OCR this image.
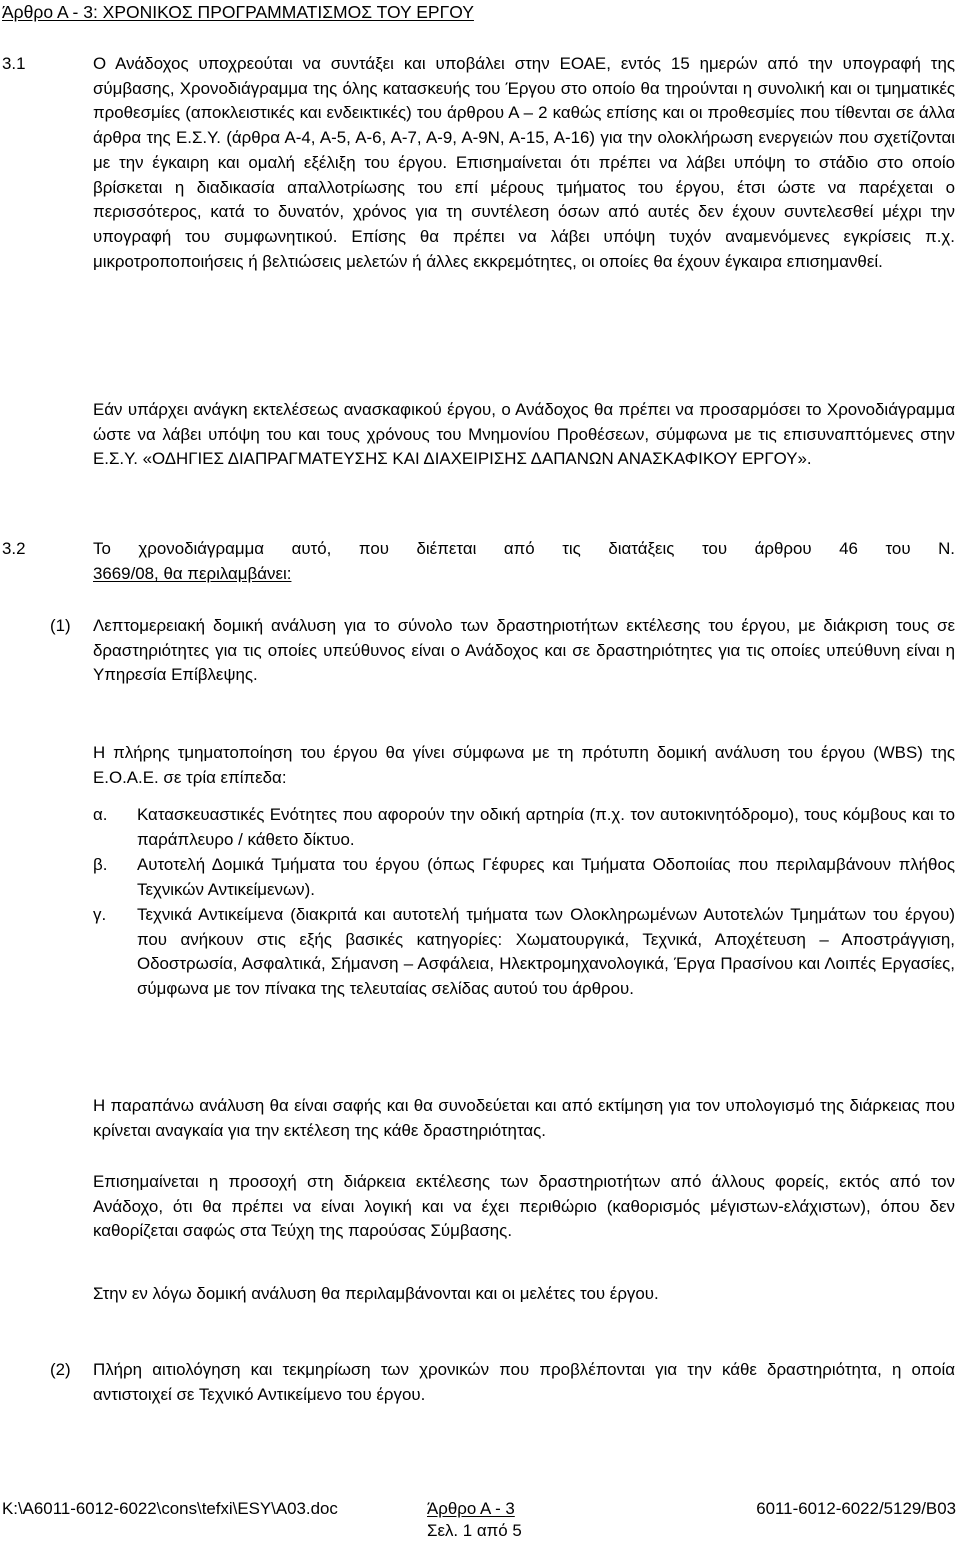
Άρθρο Α - 3: ΧΡΟΝΙΚΟΣ ΠΡΟΓΡΑΜΜΑΤΙΣΜΟΣ ΤΟΥ ΕΡΓΟΥ
3.1	Ο Ανάδοχος υποχρεούται να συντάξει και υποβάλει στην ΕΟΑΕ, εντός 15 ημερών από την υπογραφή της σύμβασης, Χρονοδιάγραμμα της όλης κατασκευής του Έργου στο οποίο θα τηρούνται η συνολική και οι τμηματικές προθεσμίες (αποκλειστικές και ενδεικτικές) του άρθρου Α – 2 καθώς επίσης και οι προθεσμίες που τίθενται σε άλλα άρθρα της Ε.Σ.Υ. (άρθρα Α-4, Α-5, Α-6, Α-7, Α-9, Α-9Ν, Α-15, Α-16) για την ολοκλήρωση ενεργειών που σχετίζονται με την έγκαιρη και ομαλή εξέλιξη του έργου. Επισημαίνεται ότι πρέπει να λάβει υπόψη το στάδιο στο οποίο βρίσκεται η διαδικασία απαλλοτρίωσης του επί μέρους τμήματος του έργου, έτσι ώστε να παρέχεται ο περισσότερος, κατά το δυνατόν, χρόνος για τη συντέλεση όσων από αυτές δεν έχουν συντελεσθεί μέχρι την υπογραφή του συμφωνητικού. Επίσης θα πρέπει να λάβει υπόψη τυχόν αναμενόμενες εγκρίσεις π.χ. μικροτροποποιήσεις ή βελτιώσεις μελετών ή άλλες εκκρεμότητες, οι οποίες θα έχουν έγκαιρα επισημανθεί.

Εάν υπάρχει ανάγκη εκτελέσεως ανασκαφικού έργου, ο Ανάδοχος θα πρέπει να προσαρμόσει το Χρονοδιάγραμμα ώστε να λάβει υπόψη του και τους χρόνους του Μνημονίου Προθέσεων, σύμφωνα με τις επισυναπτόμενες στην Ε.Σ.Υ. «ΟΔΗΓΙΕΣ ΔΙΑΠΡΑΓΜΑΤΕΥΣΗΣ ΚΑΙ ΔΙΑΧΕΙΡΙΣΗΣ ΔΑΠΑΝΩΝ ΑΝΑΣΚΑΦΙΚΟΥ ΕΡΓΟΥ».

3.2	Το χρονοδιάγραμμα αυτό, που διέπεται από τις διατάξεις του άρθρου 46 του Ν.

3669/08, θα περιλαμβάνει:

(1) Λεπτομερειακή δομική ανάλυση για το σύνολο των δραστηριοτήτων εκτέλεσης του έργου, με διάκριση τους σε δραστηριότητες για τις οποίες υπεύθυνος είναι ο Ανάδοχος και σε δραστηριότητες για τις οποίες υπεύθυνη είναι η Υπηρεσία Επίβλεψης.

Η πλήρης τμηματοποίηση του έργου θα γίνει σύμφωνα με τη πρότυπη δομική ανάλυση του έργου (WBS) της Ε.Ο.Α.Ε. σε τρία επίπεδα:

α. Κατασκευαστικές Ενότητες που αφορούν την οδική αρτηρία (π.χ. τον αυτοκινητόδρομο), τους κόμβους και το παράπλευρο / κάθετο δίκτυο.
β. Αυτοτελή Δομικά Τμήματα του έργου (όπως Γέφυρες και Τμήματα Οδοποιίας που περιλαμβάνουν πλήθος Τεχνικών Αντικείμενων).
γ. Τεχνικά Αντικείμενα (διακριτά και αυτοτελή τμήματα των Ολοκληρωμένων Αυτοτελών Τμημάτων του έργου) που ανήκουν στις εξής βασικές κατηγορίες: Χωματουργικά, Τεχνικά, Αποχέτευση – Αποστράγγιση, Οδοστρωσία, Ασφαλτικά, Σήμανση – Ασφάλεια, Ηλεκτρομηχανολογικά, Έργα Πρασίνου και Λοιπές Εργασίες, σύμφωνα με τον πίνακα της τελευταίας σελίδας αυτού του άρθρου.

Η παραπάνω ανάλυση θα είναι σαφής και θα συνοδεύεται και από εκτίμηση για τον υπολογισμό της διάρκειας που κρίνεται αναγκαία για την εκτέλεση της κάθε δραστηριότητας.

Επισημαίνεται η προσοχή στη διάρκεια εκτέλεσης των δραστηριοτήτων από άλλους φορείς, εκτός από τον Ανάδοχο, ότι θα πρέπει να είναι λογική και να έχει περιθώριο (καθορισμός μέγιστων-ελάχιστων), όπου δεν καθορίζεται σαφώς στα Τεύχη της παρούσας Σύμβασης.

Στην εν λόγω δομική ανάλυση θα περιλαμβάνονται και οι μελέτες του έργου.

(2) Πλήρη αιτιολόγηση και τεκμηρίωση των χρονικών που προβλέπονται για την κάθε δραστηριότητα, η οποία αντιστοιχεί σε Τεχνικό Αντικείμενο του έργου.

K:\A6011-6012-6022\cons\tefxi\ESY\A03.doc	Άρθρο Α - 3
Σελ. 1 από 5
6011-6012-6022/5129/B03
